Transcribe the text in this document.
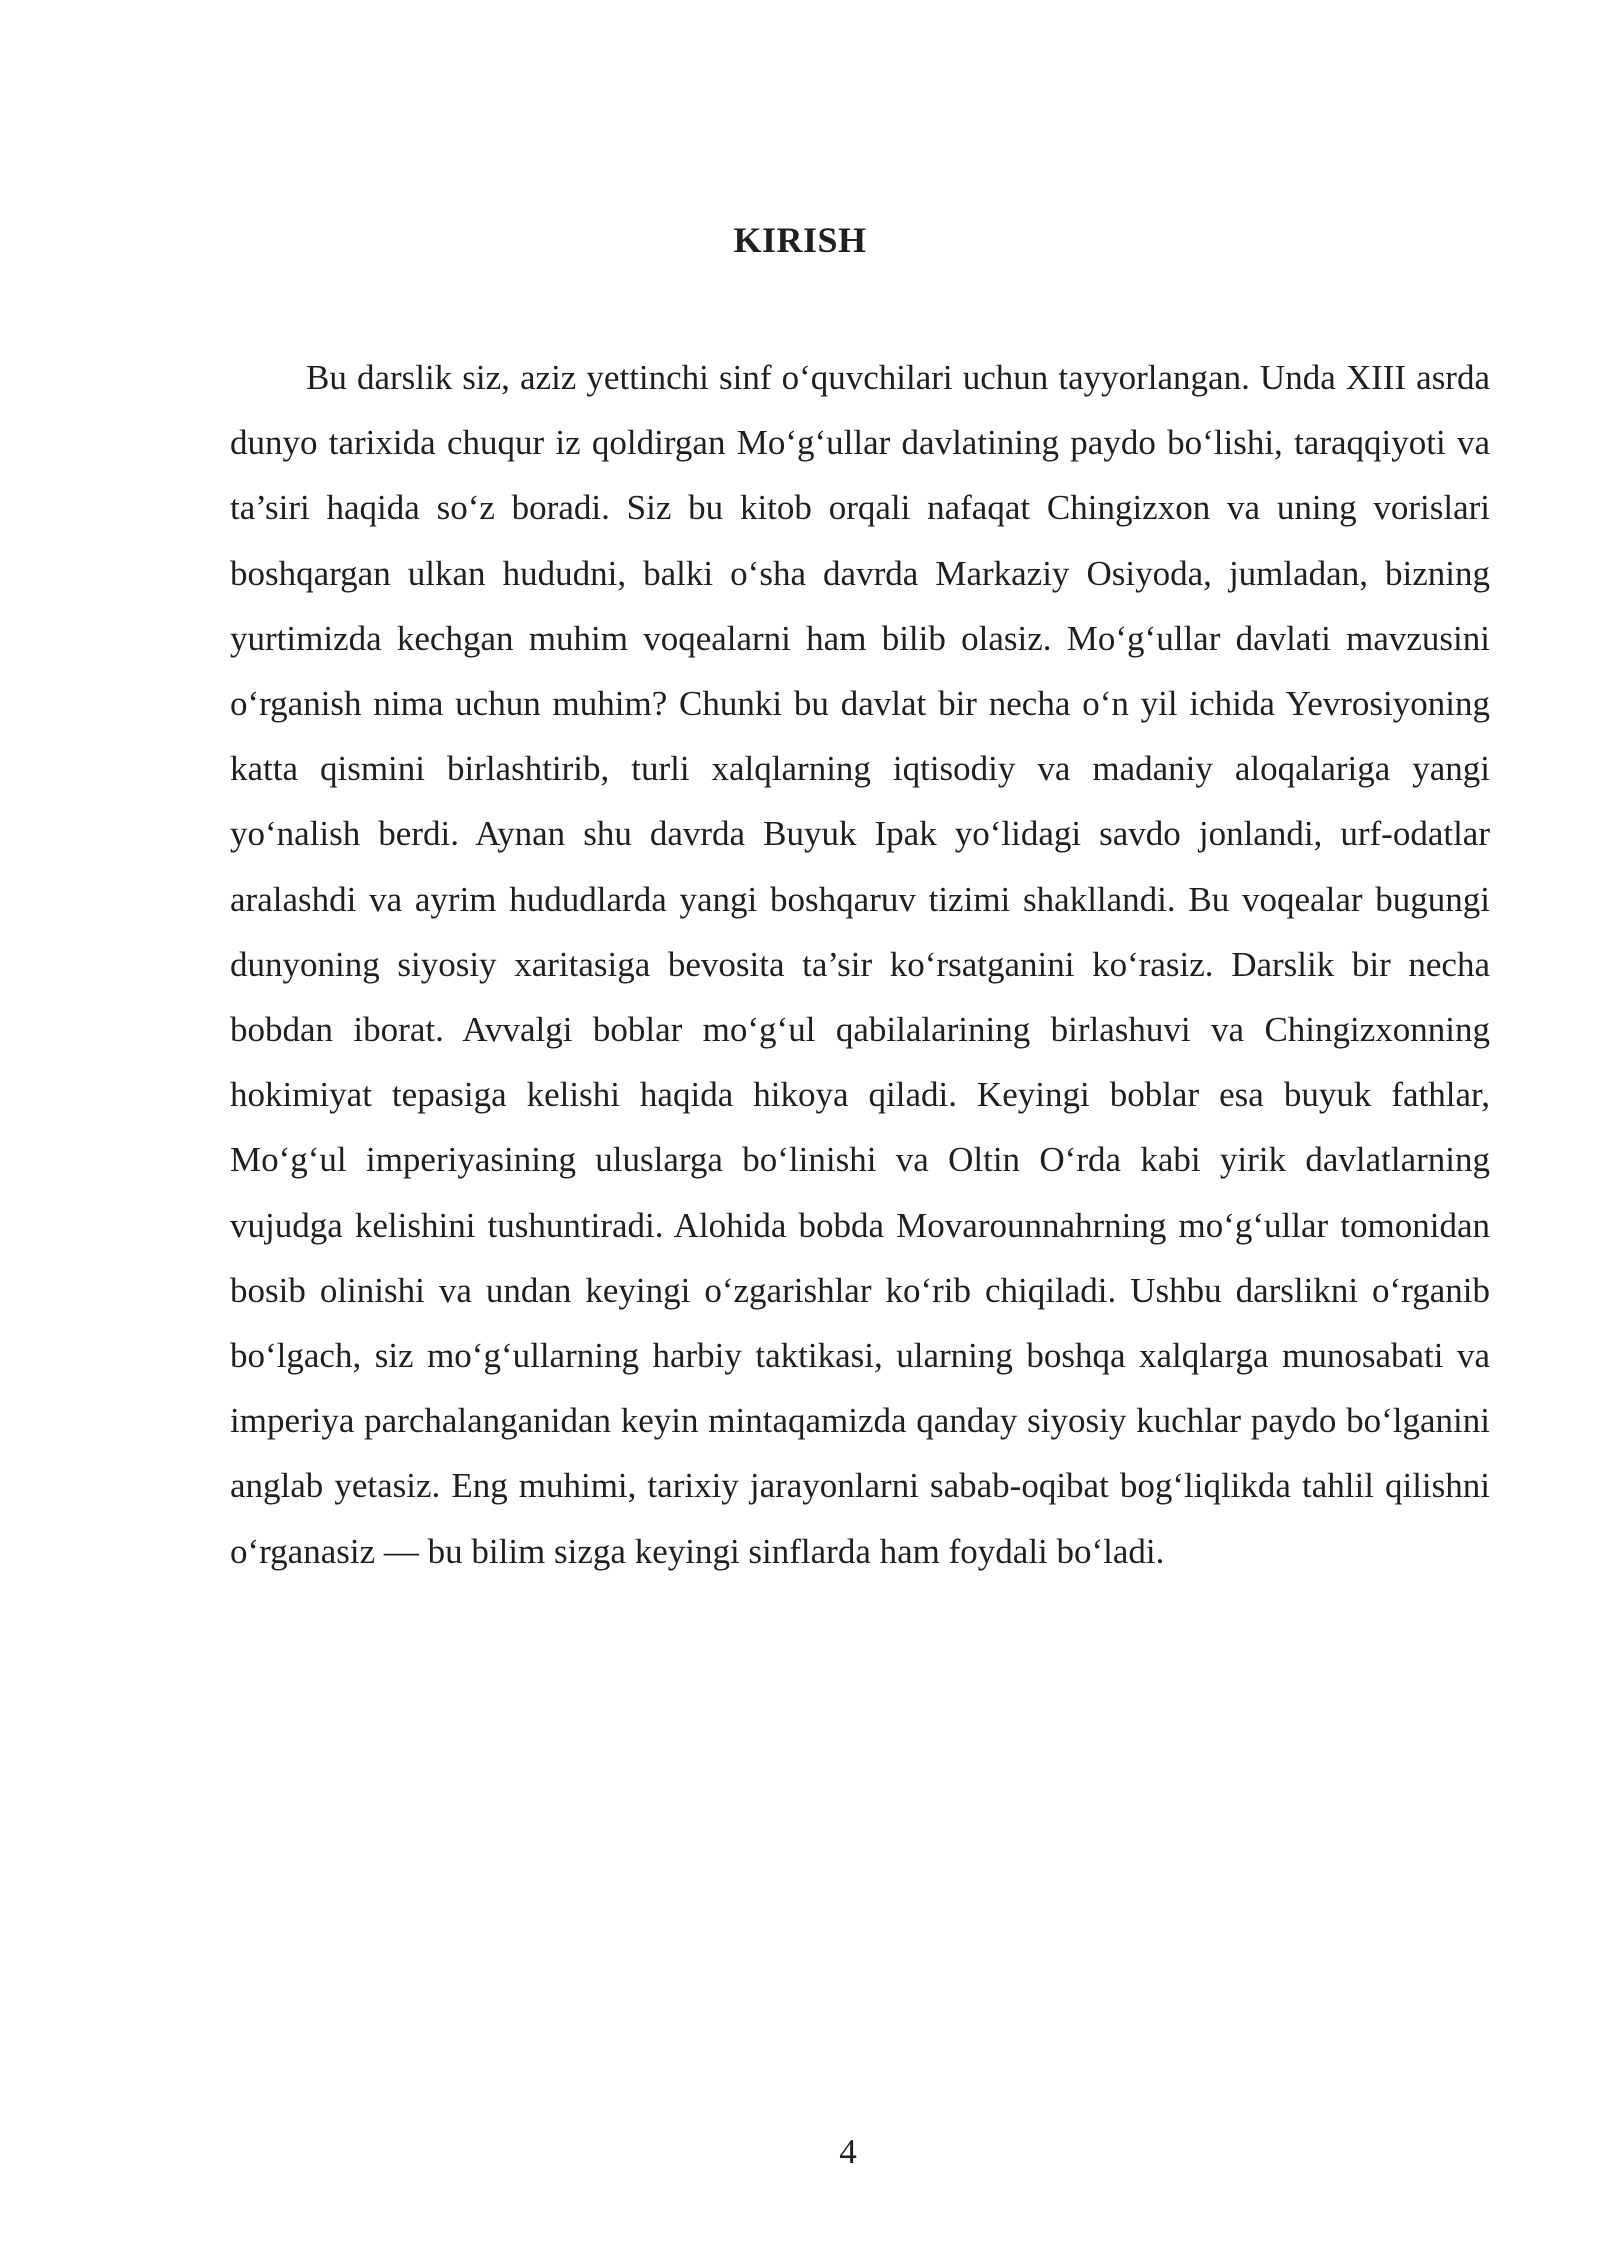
KIRISH

Bu darslik siz, aziz yettinchi sinf o‘quvchilari uchun tayyorlangan. Unda XIII asrda dunyo tarixida chuqur iz qoldirgan Mo‘g‘ullar davlatining paydo bo‘lishi, taraqqiyoti va ta’siri haqida so‘z boradi. Siz bu kitob orqali nafaqat Chingizxon va uning vorislari boshqargan ulkan hududni, balki o‘sha davrda Markaziy Osiyoda, jumladan, bizning yurtimizda kechgan muhim voqealarni ham bilib olasiz. Mo‘g‘ullar davlati mavzusini o‘rganish nima uchun muhim? Chunki bu davlat bir necha o‘n yil ichida Yevrosiyoning katta qismini birlashtirib, turli xalqlarning iqtisodiy va madaniy aloqalariga yangi yo‘nalish berdi. Aynan shu davrda Buyuk Ipak yo‘lidagi savdo jonlandi, urf-odatlar aralashdi va ayrim hududlarda yangi boshqaruv tizimi shakllandi. Bu voqealar bugungi dunyoning siyosiy xaritasiga bevosita ta’sir ko‘rsatganini ko‘rasiz. Darslik bir necha bobdan iborat. Avvalgi boblar mo‘g‘ul qabilalarining birlashuvi va Chingizxonning hokimiyat tepasiga kelishi haqida hikoya qiladi. Keyingi boblar esa buyuk fathlar, Mo‘g‘ul imperiyasining uluslarga bo‘linishi va Oltin O‘rda kabi yirik davlatlarning vujudga kelishini tushuntiradi. Alohida bobda Movarounnahrning mo‘g‘ullar tomonidan bosib olinishi va undan keyingi o‘zgarishlar ko‘rib chiqiladi. Ushbu darslikni o‘rganib bo‘lgach, siz mo‘g‘ullarning harbiy taktikasi, ularning boshqa xalqlarga munosabati va imperiya parchalanganidan keyin mintaqamizda qanday siyosiy kuchlar paydo bo‘lganini anglab yetasiz. Eng muhimi, tarixiy jarayonlarni sabab-oqibat bog‘liqlikda tahlil qilishni o‘rganasiz — bu bilim sizga keyingi sinflarda ham foydali bo‘ladi.

4
